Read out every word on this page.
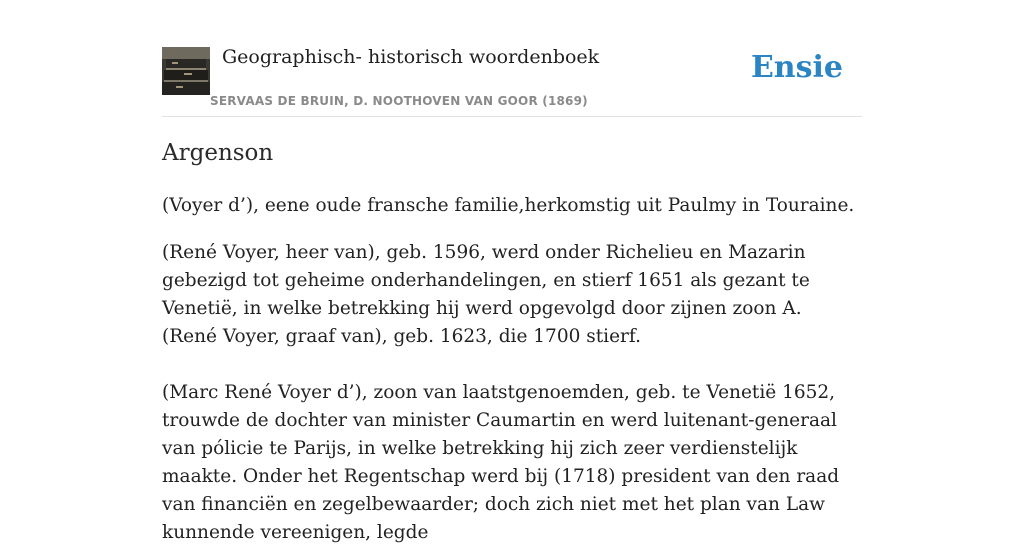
Geographisch- historisch woordenboek
SERVAAS DE BRUIN, D. NOOTHOVEN VAN GOOR (1869)
Ensie
Argenson

(Voyer d’), eene oude fransche familie,herkomstig uit Paulmy in Touraine.

(René Voyer, heer van), geb. 1596, werd onder Richelieu en Mazarin gebezigd tot geheime onderhandelingen, en stierf 1651 als gezant te Venetië, in welke betrekking hij werd opgevolgd door zijnen zoon A. (René Voyer, graaf van), geb. 1623, die 1700 stierf.

(Marc René Voyer d’), zoon van laatstgenoemden, geb. te Venetië 1652, trouwde de dochter van minister Caumartin en werd luitenant-generaal van pólicie te Parijs, in welke betrekking hij zich zeer verdienstelijk maakte. Onder het Regentschap werd bij (1718) president van den raad van financiën en zegelbewaarder; doch zich niet met het plan van Law kunnende vereenigen, legde
